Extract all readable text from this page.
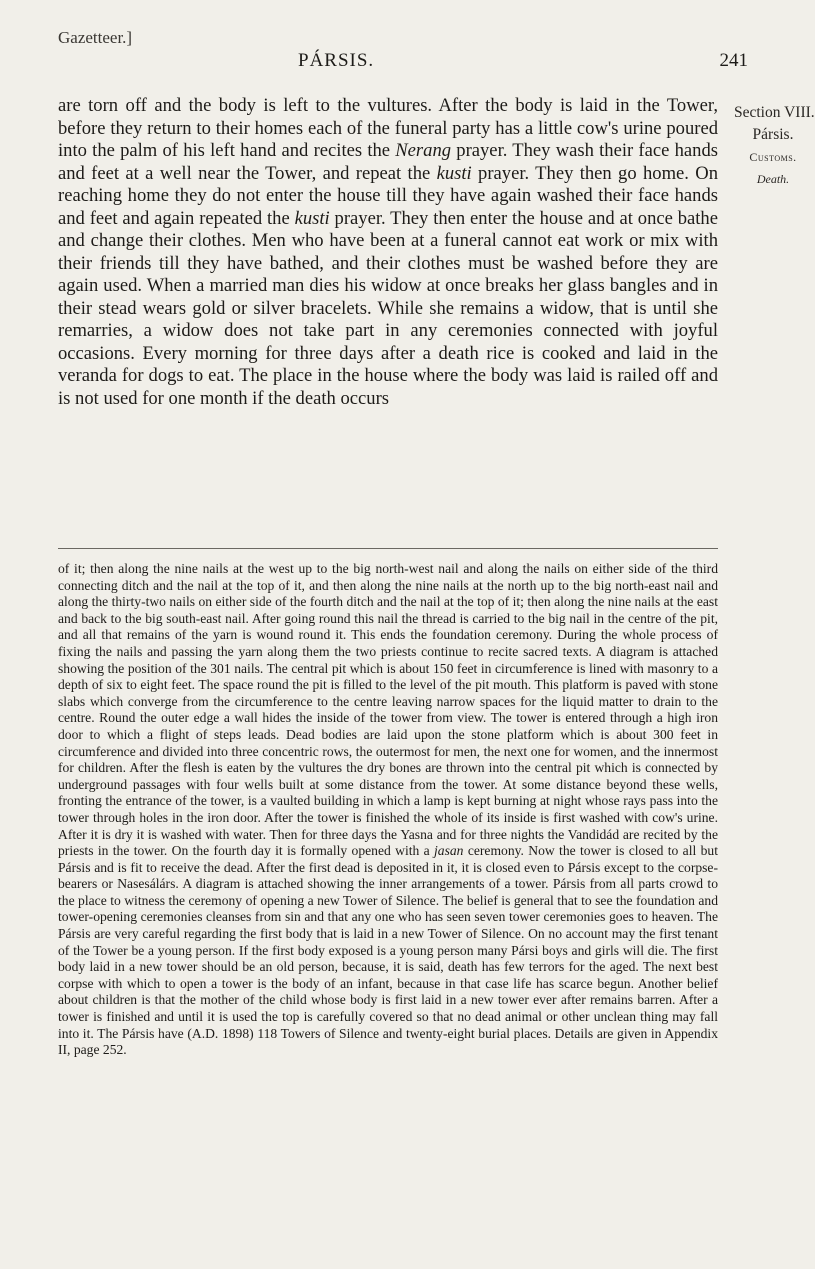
Gazetteer.]
PÁRSIS.	241

are torn off and the body is left to the vultures. After the body is laid in the Tower, before they return to their homes each of the funeral party has a little cow's urine poured into the palm of his left hand and recites the Nerang prayer. They wash their face hands and feet at a well near the Tower, and repeat the kusti prayer. They then go home. On reaching home they do not enter the house till they have again washed their face hands and feet and again repeated the kusti prayer. They then enter the house and at once bathe and change their clothes. Men who have been at a funeral cannot eat work or mix with their friends till they have bathed, and their clothes must be washed before they are again used. When a married man dies his widow at once breaks her glass bangles and in their stead wears gold or silver bracelets. While she remains a widow, that is until she remarries, a widow does not take part in any ceremonies connected with joyful occasions. Every morning for three days after a death rice is cooked and laid in the veranda for dogs to eat. The place in the house where the body was laid is railed off and is not used for one month if the death occurs

Section VIII.
Pársis.
Customs.
Death.

of it; then along the nine nails at the west up to the big north-west nail and along the nails on either side of the third connecting ditch and the nail at the top of it, and then along the nine nails at the north up to the big north-east nail and along the thirty-two nails on either side of the fourth ditch and the nail at the top of it; then along the nine nails at the east and back to the big south-east nail. After going round this nail the thread is carried to the big nail in the centre of the pit, and all that remains of the yarn is wound round it. This ends the foundation ceremony. During the whole process of fixing the nails and passing the yarn along them the two priests continue to recite sacred texts. A diagram is attached showing the position of the 301 nails. The central pit which is about 150 feet in circumference is lined with masonry to a depth of six to eight feet. The space round the pit is filled to the level of the pit mouth. This platform is paved with stone slabs which converge from the circumference to the centre leaving narrow spaces for the liquid matter to drain to the centre. Round the outer edge a wall hides the inside of the tower from view. The tower is entered through a high iron door to which a flight of steps leads. Dead bodies are laid upon the stone platform which is about 300 feet in circumference and divided into three concentric rows, the outermost for men, the next one for women, and the innermost for children. After the flesh is eaten by the vultures the dry bones are thrown into the central pit which is connected by underground passages with four wells built at some distance from the tower. At some distance beyond these wells, fronting the entrance of the tower, is a vaulted building in which a lamp is kept burning at night whose rays pass into the tower through holes in the iron door. After the tower is finished the whole of its inside is first washed with cow's urine. After it is dry it is washed with water. Then for three days the Yasna and for three nights the Vandidád are recited by the priests in the tower. On the fourth day it is formally opened with a jasan ceremony. Now the tower is closed to all but Pársis and is fit to receive the dead. After the first dead is deposited in it, it is closed even to Pársis except to the corpse-bearers or Nasesálárs. A diagram is attached showing the inner arrangements of a tower. Pársis from all parts crowd to the place to witness the ceremony of opening a new Tower of Silence. The belief is general that to see the foundation and tower-opening ceremonies cleanses from sin and that any one who has seen seven tower ceremonies goes to heaven. The Pársis are very careful regarding the first body that is laid in a new Tower of Silence. On no account may the first tenant of the Tower be a young person. If the first body exposed is a young person many Pársi boys and girls will die. The first body laid in a new tower should be an old person, because, it is said, death has few terrors for the aged. The next best corpse with which to open a tower is the body of an infant, because in that case life has scarce begun. Another belief about children is that the mother of the child whose body is first laid in a new tower ever after remains barren. After a tower is finished and until it is used the top is carefully covered so that no dead animal or other unclean thing may fall into it. The Pársis have (A.D. 1898) 118 Towers of Silence and twenty-eight burial places. Details are given in Appendix II, page 252.
